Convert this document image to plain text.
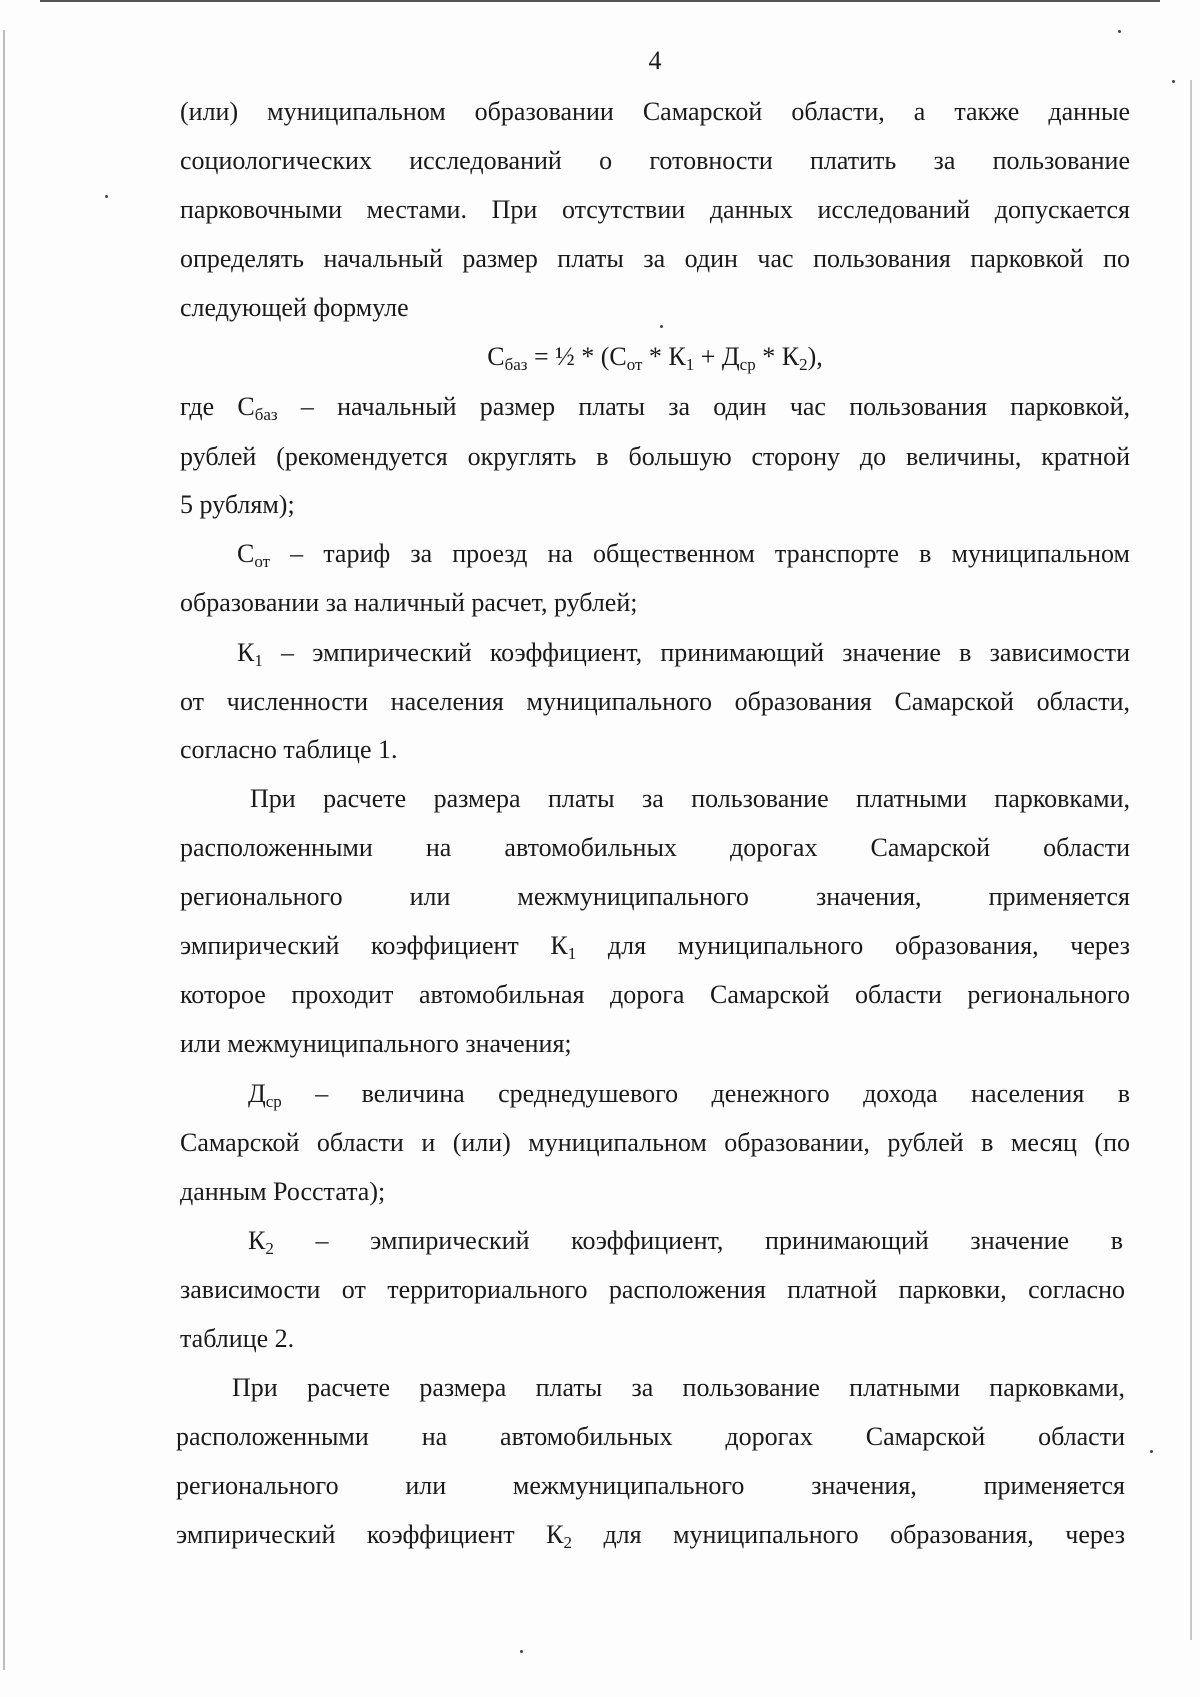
4
(или) муниципальном образовании Самарской области, а также данные
социологических исследований о готовности платить за пользование
парковочными местами. При отсутствии данных исследований допускается
определять начальный размер платы за один час пользования парковкой по
следующей формуле
$С_{баз}$ = ½ * $(С_{от} * К_1 + Д_{ср} * К_2)$,
где $С_{баз}$ – начальный размер платы за один час пользования парковкой,
рублей (рекомендуется округлять в большую сторону до величины, кратной
5 рублям);
$С_{от}$ – тариф за проезд на общественном транспорте в муниципальном
образовании за наличный расчет, рублей;
$К_1$ – эмпирический коэффициент, принимающий значение в зависимости
от численности населения муниципального образования Самарской области,
согласно таблице 1.
При расчете размера платы за пользование платными парковками,
расположенными на автомобильных дорогах Самарской области
регионального или межмуниципального значения, применяется
эмпирический коэффициент $К_1$ для муниципального образования, через
которое проходит автомобильная дорога Самарской области регионального
или межмуниципального значения;
$Д_{ср}$ – величина среднедушевого денежного дохода населения в
Самарской области и (или) муниципальном образовании, рублей в месяц (по
данным Росстата);
$К_2$ – эмпирический коэффициент, принимающий значение в
зависимости от территориального расположения платной парковки, согласно
таблице 2.
При расчете размера платы за пользование платными парковками,
расположенными на автомобильных дорогах Самарской области
регионального или межмуниципального значения, применяется
эмпирический коэффициент $К_2$ для муниципального образования, через
